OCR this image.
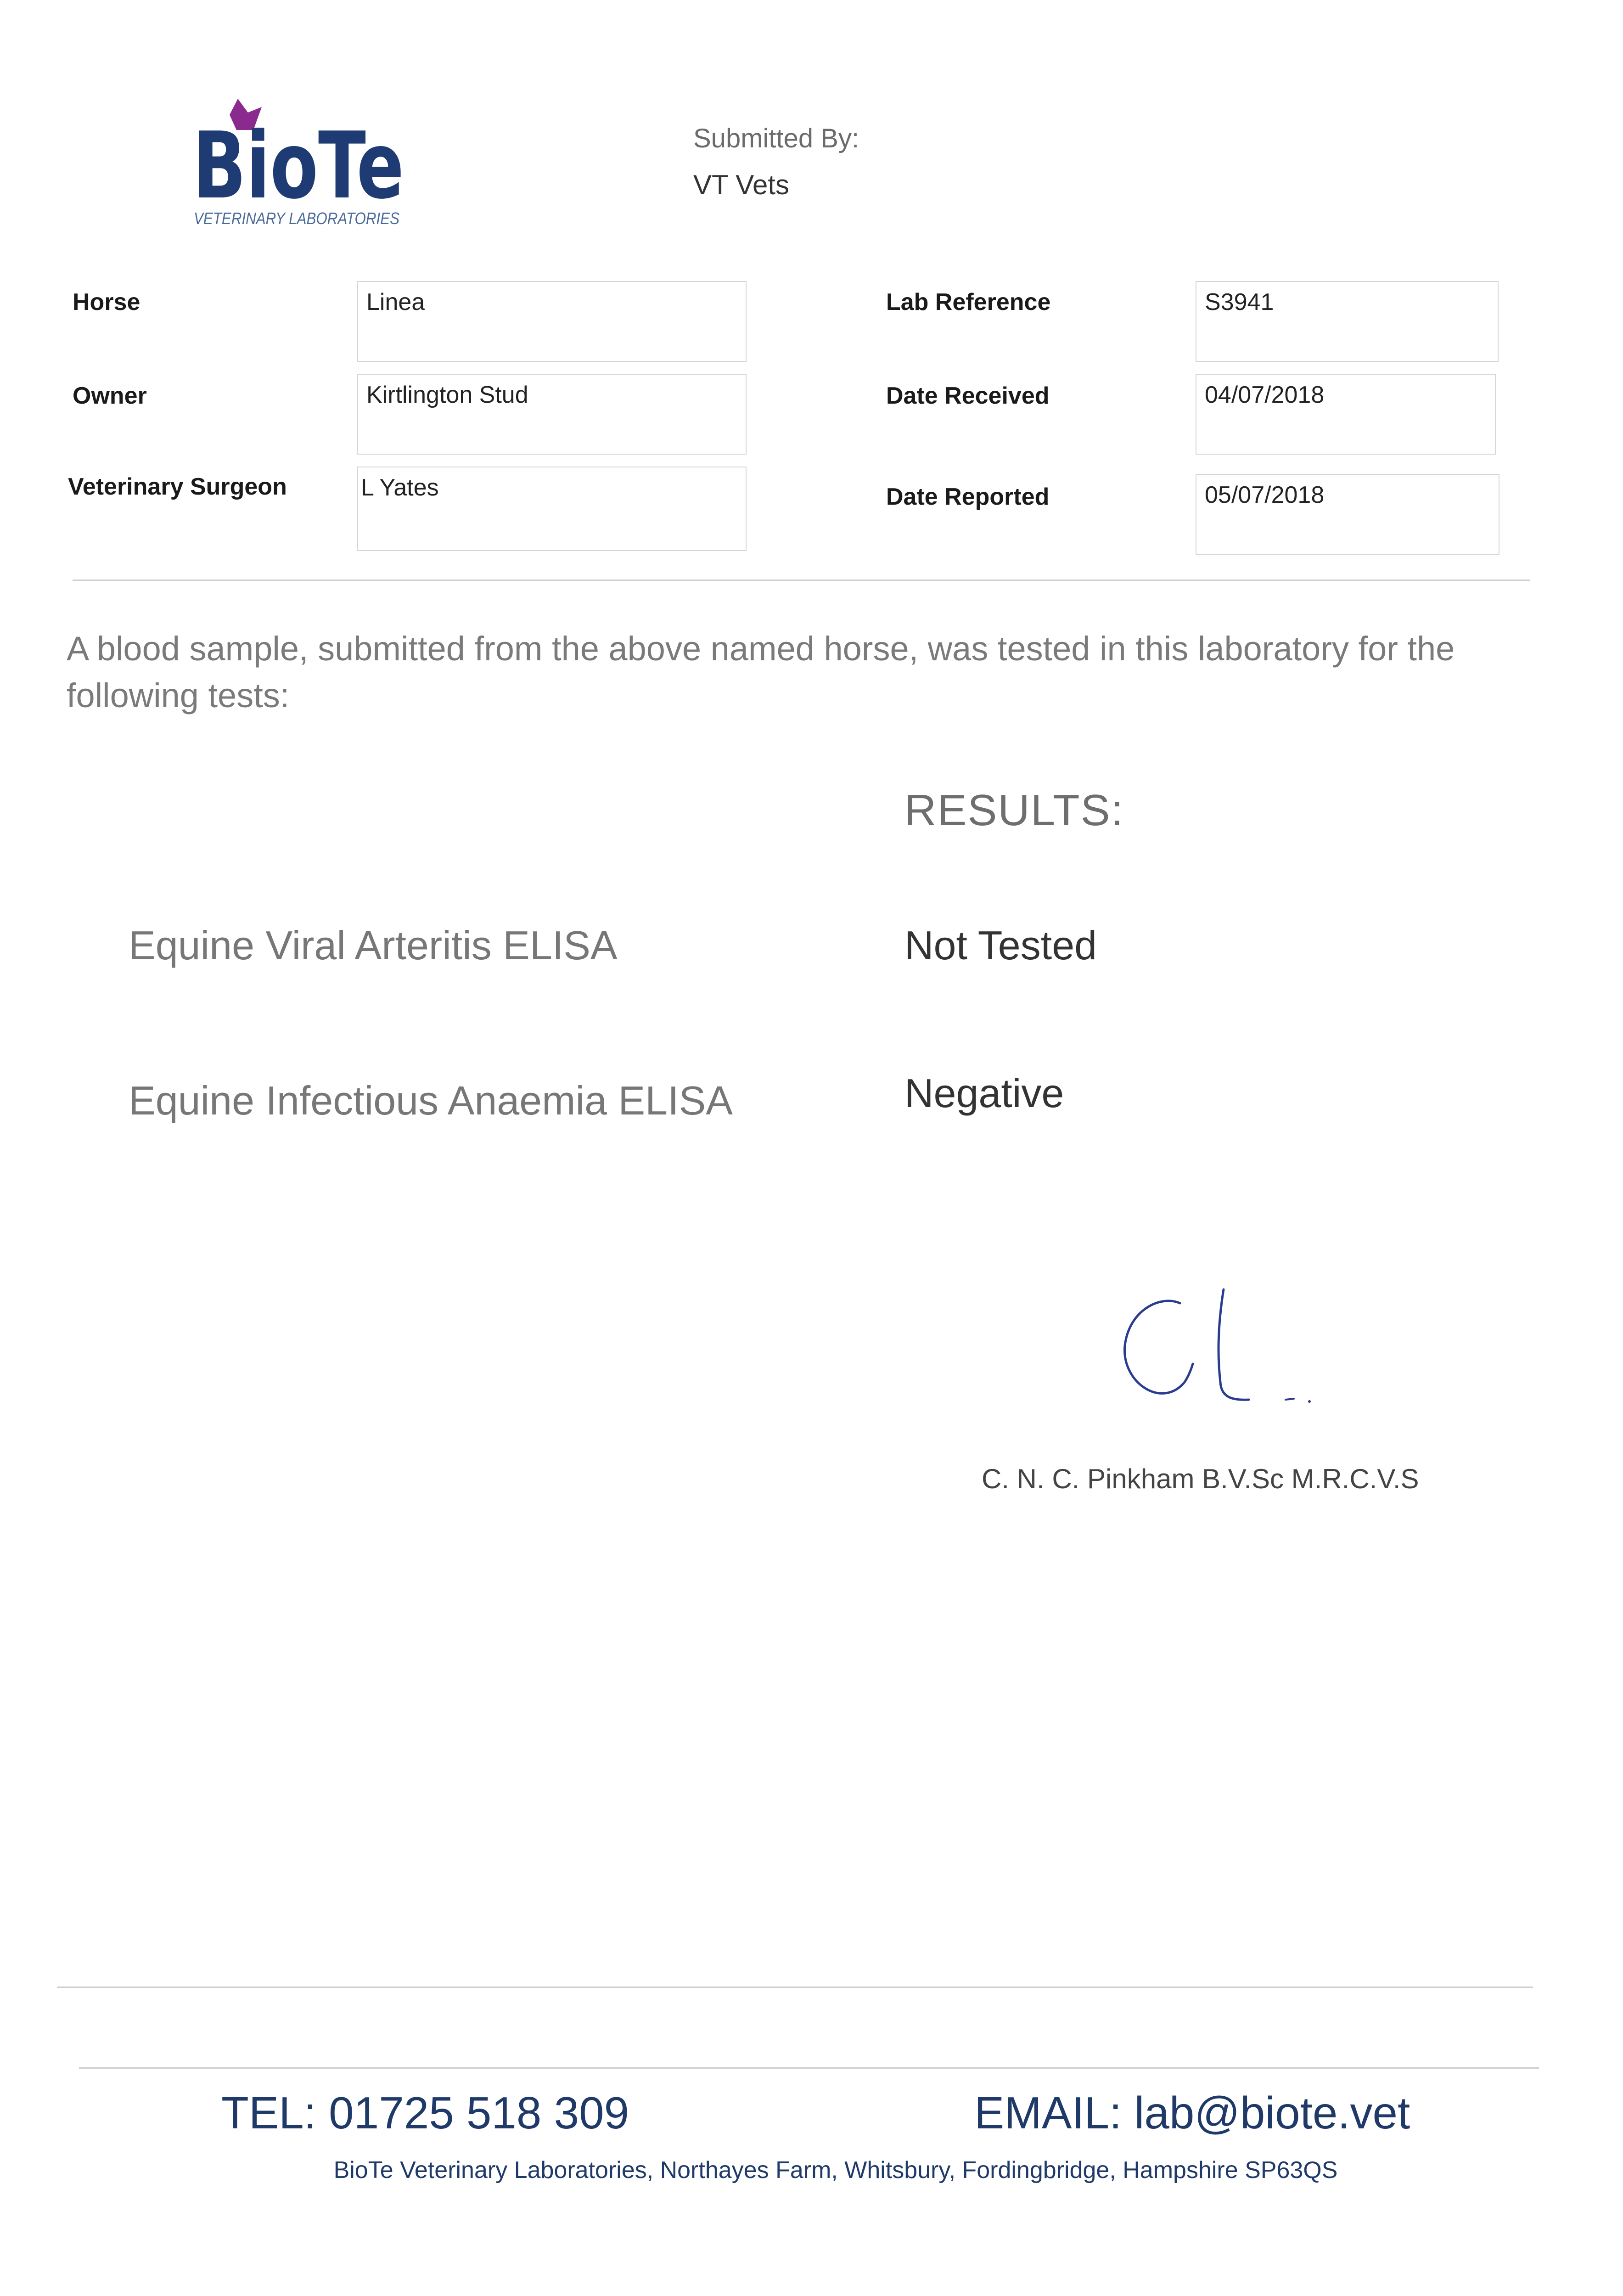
BioTe
VETERINARY LABORATORIES
Submitted By:
VT Vets
Horse	Linea
Owner	Kirtlington Stud
Veterinary Surgeon	L Yates
Lab Reference	S3941
Date Received	04/07/2018
Date Reported	05/07/2018
A blood sample, submitted from the above named horse, was tested in this laboratory for the following tests:
RESULTS:
Equine Viral Arteritis ELISA	Not Tested
Equine Infectious Anaemia ELISA	Negative
C. N. C. Pinkham B.V.Sc M.R.C.V.S
TEL: 01725 518 309	EMAIL: lab@biote.vet
BioTe Veterinary Laboratories, Northayes Farm, Whitsbury, Fordingbridge, Hampshire SP63QS
